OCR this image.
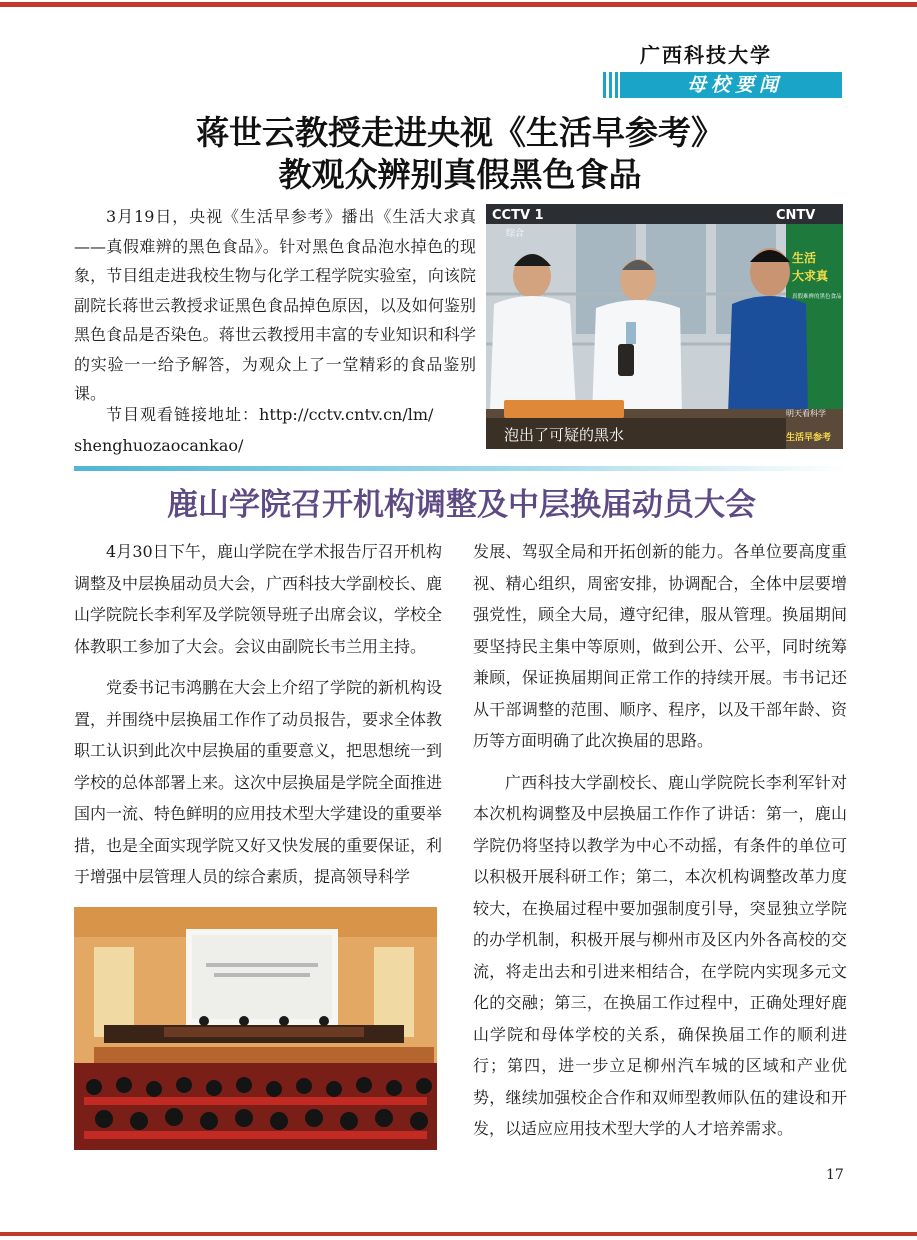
广西科技大学
母校要闻
蒋世云教授走进央视《生活早参考》
教观众辨别真假黑色食品

3月19日，央视《生活早参考》播出《生活大求真——真假难辨的黑色食品》。针对黑色食品泡水掉色的现象，节目组走进我校生物与化学工程学院实验室，向该院副院长蒋世云教授求证黑色食品掉色原因，以及如何鉴别黑色食品是否染色。蒋世云教授用丰富的专业知识和科学的实验一一给予解答，为观众上了一堂精彩的食品鉴别课。

节目观看链接地址：http://cctv.cntv.cn/lm/
shenghuozaocankao/
生活
大求真
真假难辨的黑色食品
CCTV 1
综合
CNTV
泡出了可疑的黑水	生活早参考
明天看科学
鹿山学院召开机构调整及中层换届动员大会

4月30日下午，鹿山学院在学术报告厅召开机构调整及中层换届动员大会，广西科技大学副校长、鹿山学院院长李利军及学院领导班子出席会议，学校全体教职工参加了大会。会议由副院长韦兰用主持。

党委书记韦鸿鹏在大会上介绍了学院的新机构设置，并围绕中层换届工作作了动员报告，要求全体教职工认识到此次中层换届的重要意义，把思想统一到学校的总体部署上来。这次中层换届是学院全面推进国内一流、特色鲜明的应用技术型大学建设的重要举措，也是全面实现学院又好又快发展的重要保证，利于增强中层管理人员的综合素质，提高领导科学

发展、驾驭全局和开拓创新的能力。各单位要高度重视、精心组织，周密安排，协调配合，全体中层要增强党性，顾全大局，遵守纪律，服从管理。换届期间要坚持民主集中等原则，做到公开、公平，同时统筹兼顾，保证换届期间正常工作的持续开展。韦书记还从干部调整的范围、顺序、程序，以及干部年龄、资历等方面明确了此次换届的思路。

广西科技大学副校长、鹿山学院院长李利军针对本次机构调整及中层换届工作作了讲话：第一，鹿山学院仍将坚持以教学为中心不动摇，有条件的单位可以积极开展科研工作；第二，本次机构调整改革力度较大，在换届过程中要加强制度引导，突显独立学院的办学机制，积极开展与柳州市及区内外各高校的交流，将走出去和引进来相结合，在学院内实现多元文化的交融；第三，在换届工作过程中，正确处理好鹿山学院和母体学校的关系，确保换届工作的顺利进行；第四，进一步立足柳州汽车城的区域和产业优势，继续加强校企合作和双师型教师队伍的建设和开发，以适应应用技术型大学的人才培养需求。

17
